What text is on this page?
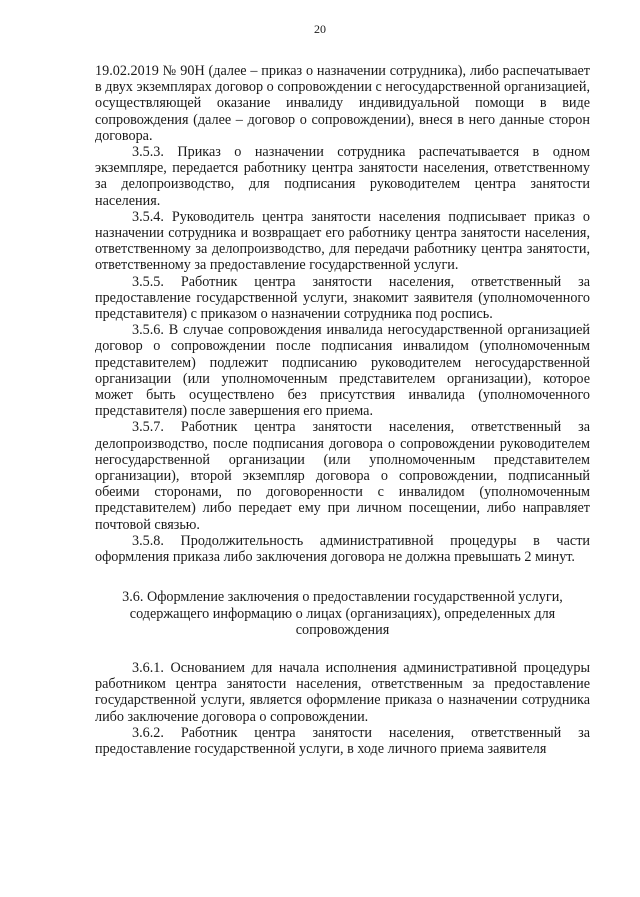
20

19.02.2019 № 90Н (далее – приказ о назначении сотрудника), либо распечатывает в двух экземплярах договор о сопровождении с негосударственной организацией, осуществляющей оказание инвалиду индивидуальной помощи в виде сопровождения (далее – договор о сопровождении), внеся в него данные сторон договора.

3.5.3. Приказ о назначении сотрудника распечатывается в одном экземпляре, передается работнику центра занятости населения, ответственному за делопроизводство, для подписания руководителем центра занятости населения.

3.5.4. Руководитель центра занятости населения подписывает приказ о назначении сотрудника и возвращает его работнику центра занятости населения, ответственному за делопроизводство, для передачи работнику центра занятости, ответственному за предоставление государственной услуги.

3.5.5. Работник центра занятости населения, ответственный за предоставление государственной услуги, знакомит заявителя (уполномоченного представителя) с приказом о назначении сотрудника под роспись.

3.5.6. В случае сопровождения инвалида негосударственной организацией договор о сопровождении после подписания инвалидом (уполномоченным представителем) подлежит подписанию руководителем негосударственной организации (или уполномоченным представителем организации), которое может быть осуществлено без присутствия инвалида (уполномоченного представителя) после завершения его приема.

3.5.7. Работник центра занятости населения, ответственный за делопроизводство, после подписания договора о сопровождении руководителем негосударственной организации (или уполномоченным представителем организации), второй экземпляр договора о сопровождении, подписанный обеими сторонами, по договоренности с инвалидом (уполномоченным представителем) либо передает ему при личном посещении, либо направляет почтовой связью.

3.5.8. Продолжительность административной процедуры в части оформления приказа либо заключения договора не должна превышать 2 минут.

3.6. Оформление заключения о предоставлении государственной услуги, содержащего информацию о лицах (организациях), определенных для сопровождения

3.6.1. Основанием для начала исполнения административной процедуры работником центра занятости населения, ответственным за предоставление государственной услуги, является оформление приказа о назначении сотрудника либо заключение договора о сопровождении.

3.6.2. Работник центра занятости населения, ответственный за предоставление государственной услуги, в ходе личного приема заявителя
